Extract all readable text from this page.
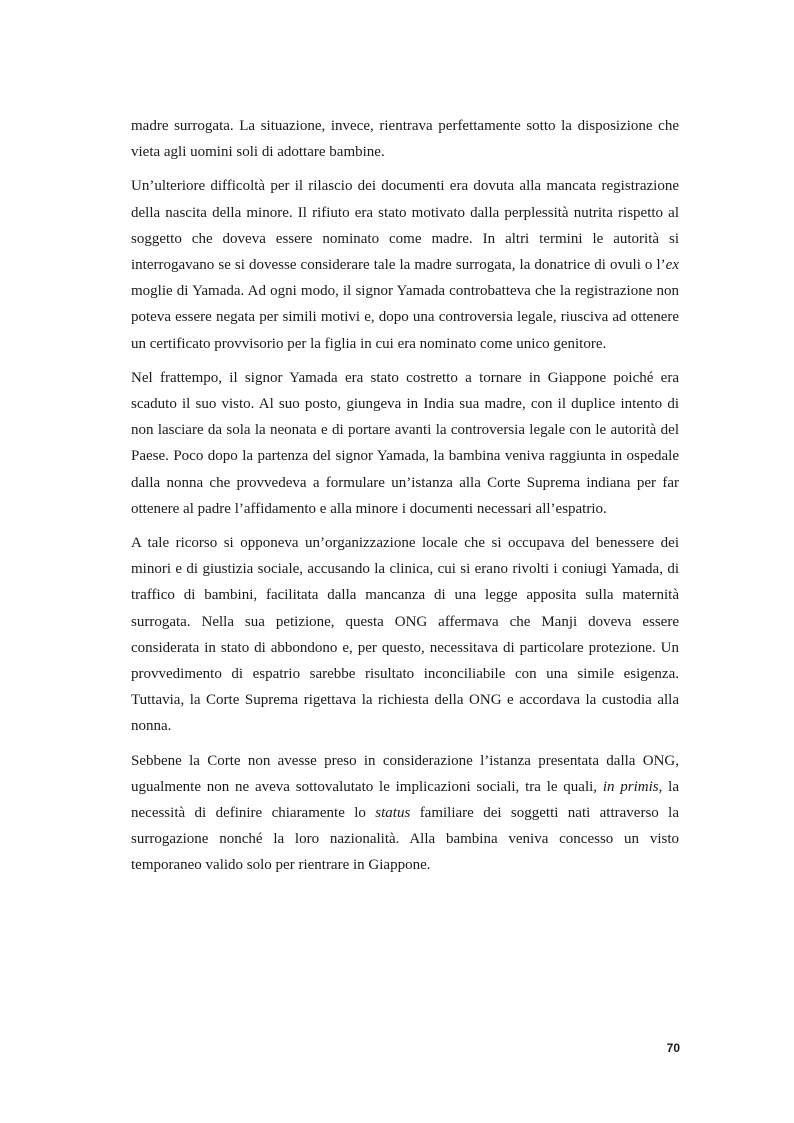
madre surrogata. La situazione, invece, rientrava perfettamente sotto la disposizione che vieta agli uomini soli di adottare bambine.

Un’ulteriore difficoltà per il rilascio dei documenti era dovuta alla mancata registrazione della nascita della minore. Il rifiuto era stato motivato dalla perplessità nutrita rispetto al soggetto che doveva essere nominato come madre. In altri termini le autorità si interrogavano se si dovesse considerare tale la madre surrogata, la donatrice di ovuli o l’ex moglie di Yamada. Ad ogni modo, il signor Yamada controbatteva che la registrazione non poteva essere negata per simili motivi e, dopo una controversia legale, riusciva ad ottenere un certificato provvisorio per la figlia in cui era nominato come unico genitore.

Nel frattempo, il signor Yamada era stato costretto a tornare in Giappone poiché era scaduto il suo visto. Al suo posto, giungeva in India sua madre, con il duplice intento di non lasciare da sola la neonata e di portare avanti la controversia legale con le autorità del Paese. Poco dopo la partenza del signor Yamada, la bambina veniva raggiunta in ospedale dalla nonna che provvedeva a formulare un’istanza alla Corte Suprema indiana per far ottenere al padre l’affidamento e alla minore i documenti necessari all’espatrio.

A tale ricorso si opponeva un’organizzazione locale che si occupava del benessere dei minori e di giustizia sociale, accusando la clinica, cui si erano rivolti i coniugi Yamada, di traffico di bambini, facilitata dalla mancanza di una legge apposita sulla maternità surrogata. Nella sua petizione, questa ONG affermava che Manji doveva essere considerata in stato di abbondono e, per questo, necessitava di particolare protezione. Un provvedimento di espatrio sarebbe risultato inconciliabile con una simile esigenza. Tuttavia, la Corte Suprema rigettava la richiesta della ONG e accordava la custodia alla nonna.

Sebbene la Corte non avesse preso in considerazione l’istanza presentata dalla ONG, ugualmente non ne aveva sottovalutato le implicazioni sociali, tra le quali, in primis, la necessità di definire chiaramente lo status familiare dei soggetti nati attraverso la surrogazione nonché la loro nazionalità. Alla bambina veniva concesso un visto temporaneo valido solo per rientrare in Giappone.

70
